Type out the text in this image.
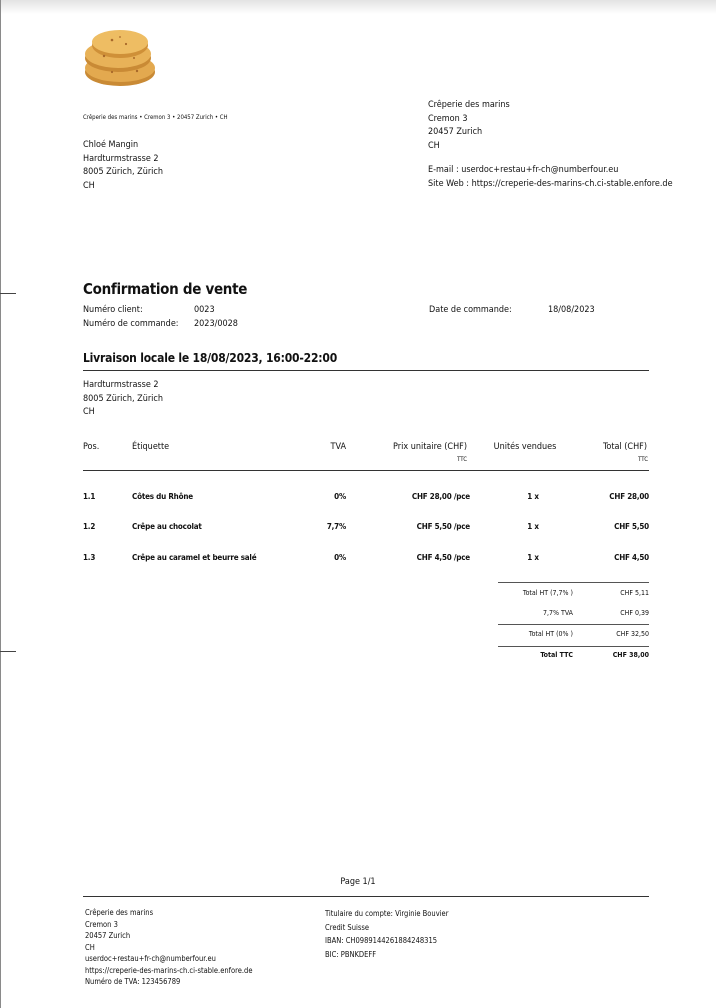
Crêperie des marins • Cremon 3 • 20457 Zurich • CH
Chloé Mangin
Hardturmstrasse 2
8005 Zürich, Zürich
CH
Crêperie des marins
Cremon 3
20457 Zurich
CH
E-mail : userdoc+restau+fr-ch@numberfour.eu
Site Web : https://creperie-des-marins-ch.ci-stable.enfore.de
Confirmation de vente
Numéro client:	0023
Numéro de commande: 2023/0028
Date de commande:	18/08/2023
Livraison locale le 18/08/2023, 16:00-22:00
Hardturmstrasse 2
8005 Zürich, Zürich
CH
Pos.	Étiquette	TVA	Prix unitaire (CHF)	Unités vendues	Total (CHF)
TTC	TTC
1.1	Côtes du Rhône	0%	CHF 28,00 /pce	1 x	CHF 28,00
1.2	Crêpe au chocolat	7,7%	CHF 5,50 /pce	1 x	CHF 5,50
1.3	Crêpe au caramel et beurre salé	0%	CHF 4,50 /pce	1 x	CHF 4,50
Total HT (7,7% )	CHF 5,11
7,7% TVA	CHF 0,39
Total HT (0% )	CHF 32,50
Total TTC	CHF 38,00
Page 1/1
Crêperie des marins
Cremon 3
20457 Zurich
CH
userdoc+restau+fr-ch@numberfour.eu
https://creperie-des-marins-ch.ci-stable.enfore.de
Numéro de TVA: 123456789
Titulaire du compte: Virginie Bouvier
Credit Suisse
IBAN: CH0989144261884248315
BIC: PBNKDEFF
